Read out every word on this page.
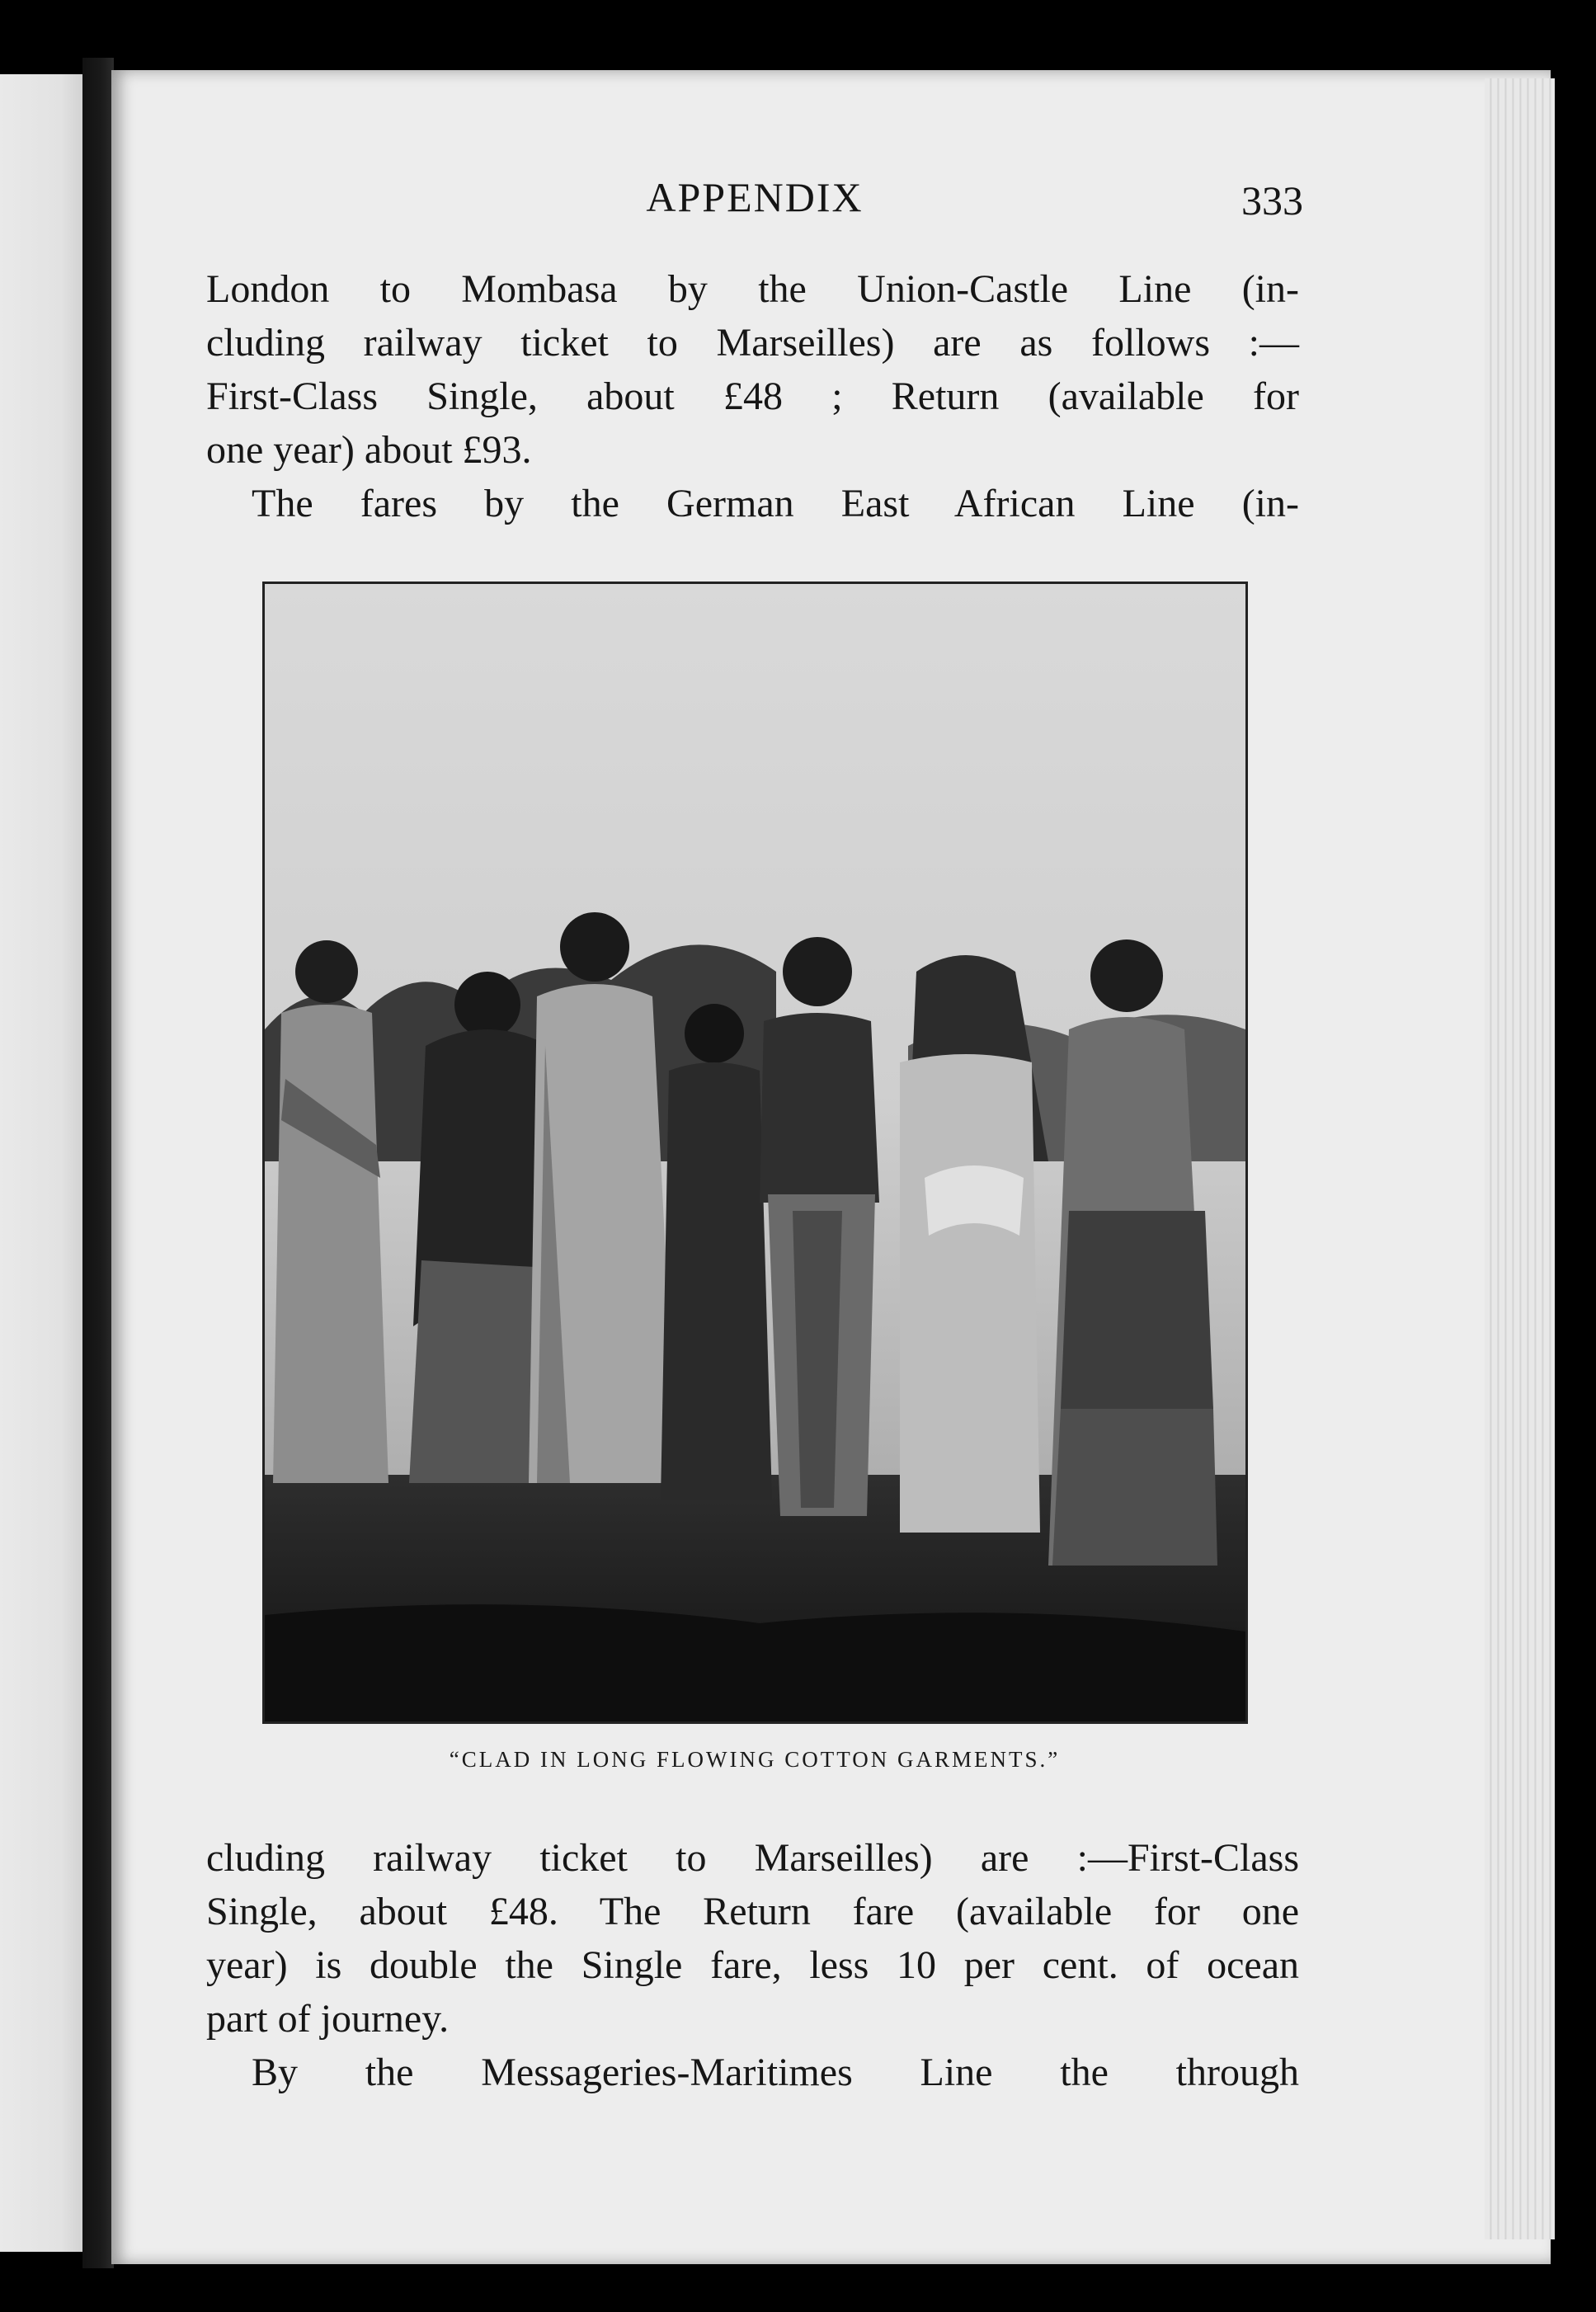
APPENDIX	333
London to Mombasa by the Union-Castle Line (in-
cluding railway ticket to Marseilles) are as follows :—
First-Class Single, about £48 ; Return (available for
one year) about £93.
The fares by the German East African Line (in-
“CLAD IN LONG FLOWING COTTON GARMENTS.”
cluding railway ticket to Marseilles) are :—First-Class
Single, about £48. The Return fare (available for one
year) is double the Single fare, less 10 per cent. of ocean
part of journey.
By the Messageries-Maritimes Line the through
